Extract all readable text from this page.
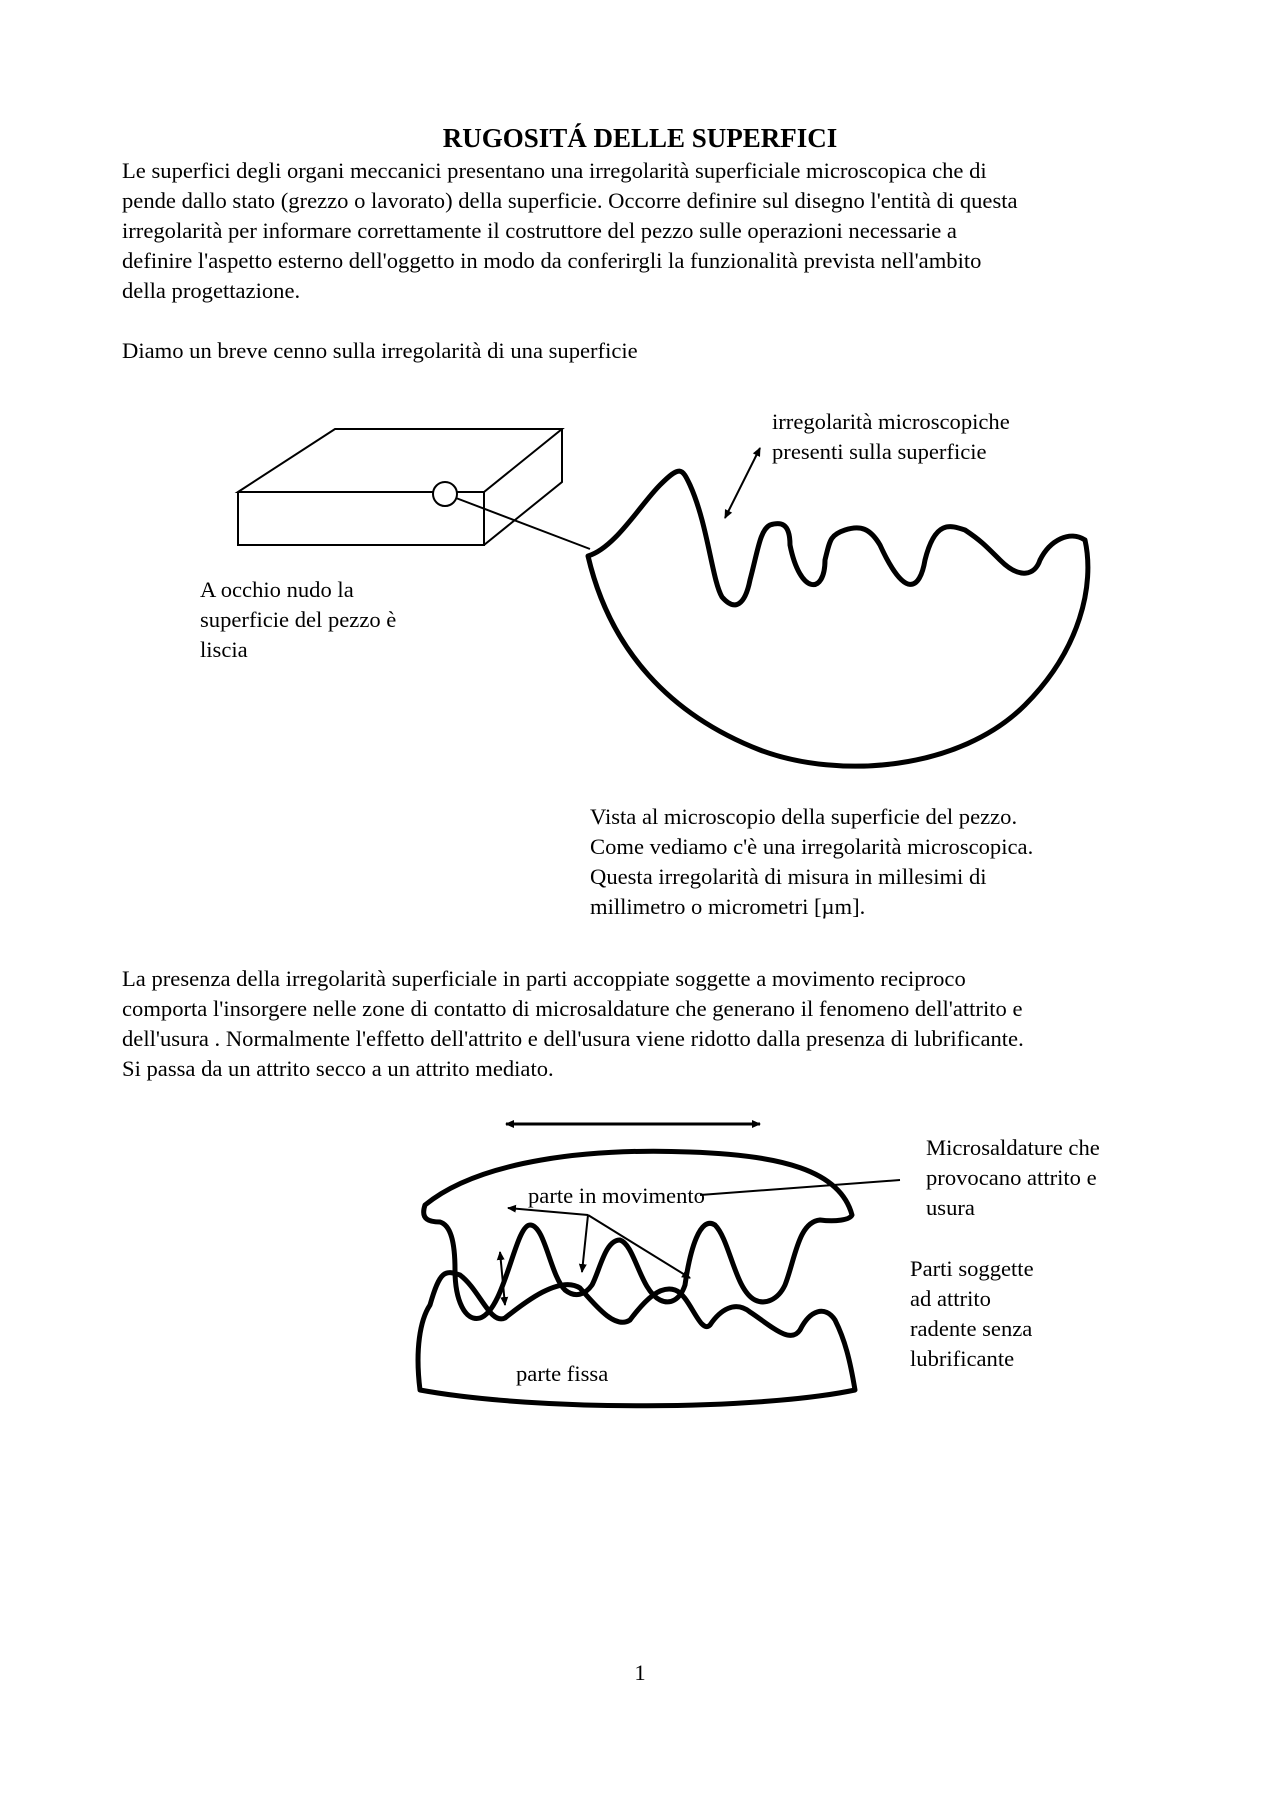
RUGOSITÁ DELLE SUPERFICI

Le superfici degli organi meccanici presentano una irregolarità superficiale microscopica che di
pende dallo stato (grezzo o lavorato) della superficie. Occorre definire sul disegno l'entità di questa
irregolarità per informare correttamente il costruttore del pezzo sulle operazioni necessarie a
definire l'aspetto esterno dell'oggetto in modo da conferirgli la funzionalità prevista nell'ambito
della progettazione.

Diamo un breve cenno sulla irregolarità di una superficie

irregolarità microscopiche
presenti sulla superficie

A occhio nudo la
superficie del pezzo è
liscia

Vista al microscopio della superficie del pezzo.
Come vediamo c'è una irregolarità microscopica.
Questa irregolarità di misura in millesimi di
millimetro o micrometri [µm].

La presenza della irregolarità superficiale in parti accoppiate soggette a movimento reciproco
comporta l'insorgere nelle zone di contatto di microsaldature che generano il fenomeno dell'attrito e
dell'usura . Normalmente l'effetto dell'attrito e dell'usura viene ridotto dalla presenza di lubrificante.
Si passa da un attrito secco a un attrito mediato.

parte in movimento

parte fissa

Microsaldature che
provocano attrito e
usura

Parti soggette
ad attrito
radente senza
lubrificante

1
